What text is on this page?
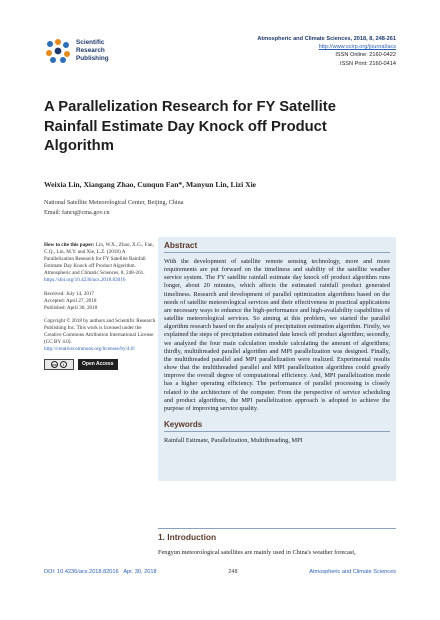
Scientific
Research
Publishing
Atmospheric and Climate Sciences, 2018, 8, 248-261
http://www.scirp.org/journal/acs
ISSN Online: 2160-0422
ISSN Print: 2160-0414
A Parallelization Research for FY Satellite Rainfall Estimate Day Knock off Product Algorithm
Weixia Lin, Xiangang Zhao, Cunqun Fan*, Manyun Lin, Lizi Xie
National Satellite Meteorological Center, Beijing, China
Email: fancq@cma.gov.cn
How to cite this paper: Lin, W.X., Zhao, X.G., Fan, C.Q., Lin, M.Y. and Xie, L.Z. (2018) A Parallelization Research for FY Satellite Rainfall Estimate Day Knock off Product Algorithm. Atmospheric and Climatic Sciences, 8, 248-261.
https://doi.org/10.4236/acs.2018.82016
Received: July 14, 2017
Accepted: April 27, 2018
Published: April 30, 2018
Copyright © 2018 by authors and Scientific Research Publishing Inc. This work is licensed under the Creative Commons Attribution International License (CC BY 4.0).
http://creativecommons.org/licenses/by/4.0/
cc	i	Open Access
Abstract

With the development of satellite remote sensing technology, more and more requirements are put forward on the timeliness and stability of the satellite weather service system. The FY satellite rainfall estimate day knock off product algorithm runs longer, about 20 minutes, which affects the estimated rainfall product generated timeliness. Research and development of parallel optimization algorithms based on the needs of satellite meteorological services and their effectiveness in practical applications are necessary ways to enhance the high-performance and high-availability capabilities of satellite meteorological services. So aiming at this problem, we started the parallel algorithm research based on the analysis of precipitation estimation algorithm. Firstly, we explained the steps of precipitation estimated date knock off product algorithm; secondly, we analyzed the four main calculation module calculating the amount of algorithms; thirdly, multithreaded parallel algorithm and MPI parallelization was designed. Finally, the multithreaded parallel and MPI parallelization were realized. Experimental results show that the multithreaded parallel and MPI parallelization algorithms could greatly improve the overall degree of computational efficiency. And, MPI parallelization mode has a higher operating efficiency. The performance of parallel processing is closely related to the architecture of the computer. From the perspective of service scheduling and product algorithms, the MPI parallelization approach is adopted to achieve the purpose of improving service quality.

Keywords
Rainfall Estimate, Parallelization, Multithreading, MPI
1. Introduction

Fengyun meteorological satellites are mainly used in China's weather forecast,

DOI: 10.4236/acs.2018.82016 Apr. 30, 2018	248	Atmospheric and Climate Sciences
